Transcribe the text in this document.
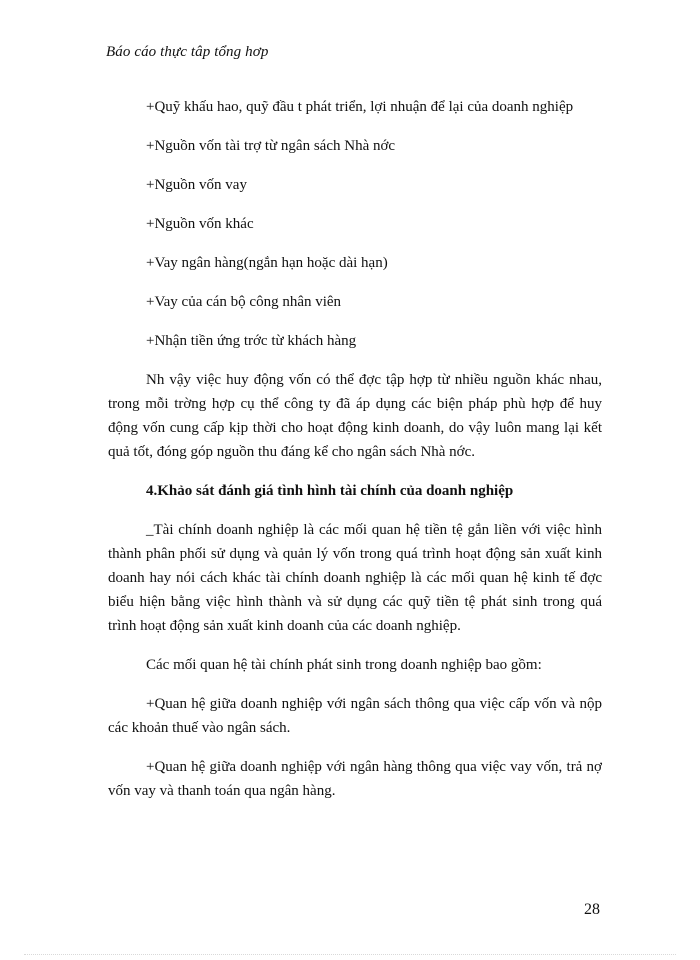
Báo cáo thực tâp tổng hơp

+Quỹ khấu hao, quỹ đầu t phát triển, lợi nhuận để lại của doanh nghiệp

+Nguồn vốn tài trợ từ ngân sách Nhà nớc

+Nguồn vốn vay

+Nguồn vốn khác

+Vay ngân hàng(ngắn hạn hoặc dài hạn)

+Vay của cán bộ công nhân viên

+Nhận tiền ứng trớc từ khách hàng

Nh vậy việc huy động vốn có thể đợc tập hợp từ nhiều nguồn khác nhau, trong mỗi trờng hợp cụ thể công ty đã áp dụng các biện pháp phù hợp để huy động vốn cung cấp kịp thời cho hoạt động kinh doanh, do vậy luôn mang lại kết quả tốt, đóng góp nguồn thu đáng kể cho ngân sách Nhà nớc.

4.Khảo sát đánh giá tình hình tài chính của doanh nghiệp

_Tài chính doanh nghiệp là các mối quan hệ tiền tệ gắn liền với việc hình thành phân phối sử dụng và quản lý vốn trong quá trình hoạt động sản xuất kinh doanh hay nói cách khác tài chính doanh nghiệp là các mối quan hệ kinh tế đợc biểu hiện bằng việc hình thành và sử dụng các quỹ tiền tệ phát sinh trong quá trình hoạt động sản xuất kinh doanh của các doanh nghiệp.

Các mối quan hệ tài chính phát sinh trong doanh nghiệp bao gồm:

+Quan hệ giữa doanh nghiệp với ngân sách thông qua việc cấp vốn và nộp các khoản thuế vào ngân sách.

+Quan hệ giữa doanh nghiệp với ngân hàng thông qua việc vay vốn, trả nợ vốn vay và thanh toán qua ngân hàng.

28
